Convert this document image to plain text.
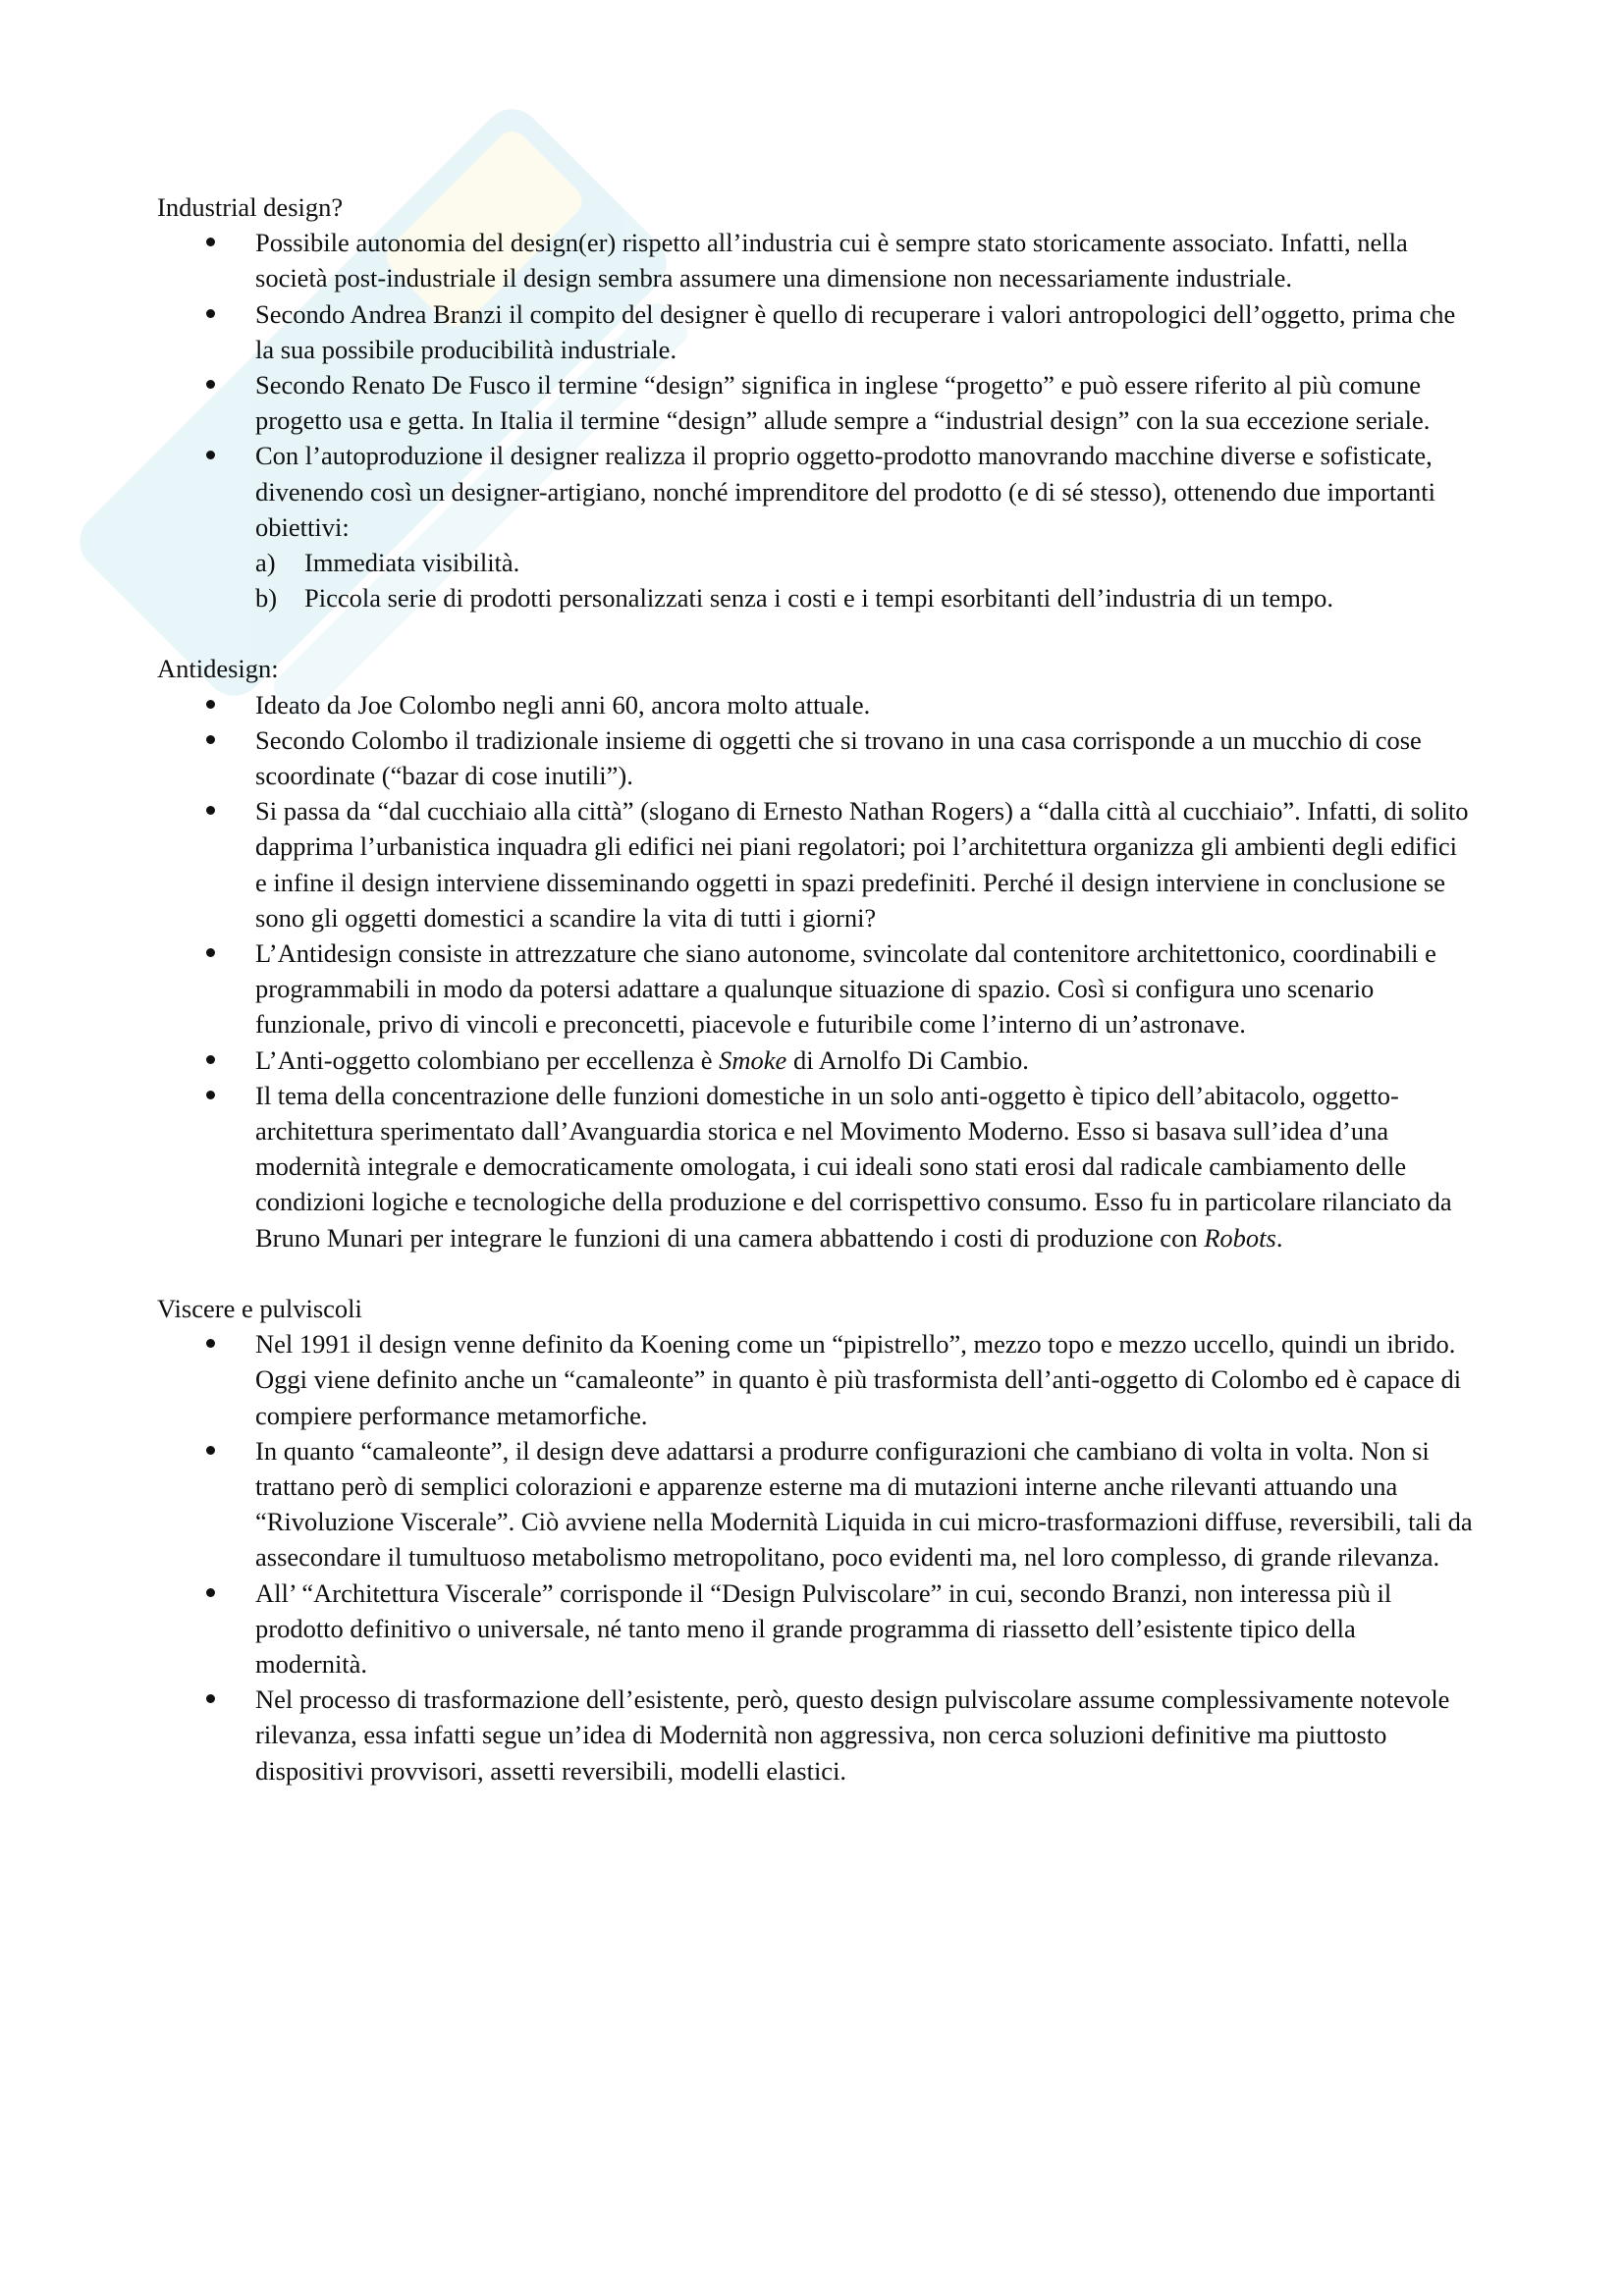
Industrial design?

Possibile autonomia del design(er) rispetto all’industria cui è sempre stato storicamente associato. Infatti, nella società post-industriale il design sembra assumere una dimensione non necessariamente industriale.
Secondo Andrea Branzi il compito del designer è quello di recuperare i valori antropologici dell’oggetto, prima che la sua possibile producibilità industriale.
Secondo Renato De Fusco il termine “design” significa in inglese “progetto” e può essere riferito al più comune progetto usa e getta. In Italia il termine “design” allude sempre a “industrial design” con la sua eccezione seriale.
Con l’autoproduzione il designer realizza il proprio oggetto-prodotto manovrando macchine diverse e sofisticate, divenendo così un designer-artigiano, nonché imprenditore del prodotto (e di sé stesso), ottenendo due importanti obiettivi:
a) Immediata visibilità.
b) Piccola serie di prodotti personalizzati senza i costi e i tempi esorbitanti dell’industria di un tempo.

Antidesign:

Ideato da Joe Colombo negli anni 60, ancora molto attuale.
Secondo Colombo il tradizionale insieme di oggetti che si trovano in una casa corrisponde a un mucchio di cose scoordinate (“bazar di cose inutili”).
Si passa da “dal cucchiaio alla città” (slogano di Ernesto Nathan Rogers) a “dalla città al cucchiaio”. Infatti, di solito dapprima l’urbanistica inquadra gli edifici nei piani regolatori; poi l’architettura organizza gli ambienti degli edifici e infine il design interviene disseminando oggetti in spazi predefiniti. Perché il design interviene in conclusione se sono gli oggetti domestici a scandire la vita di tutti i giorni?
L’Antidesign consiste in attrezzature che siano autonome, svincolate dal contenitore architettonico, coordinabili e programmabili in modo da potersi adattare a qualunque situazione di spazio. Così si configura uno scenario funzionale, privo di vincoli e preconcetti, piacevole e futuribile come l’interno di un’astronave.
L’Anti-oggetto colombiano per eccellenza è Smoke di Arnolfo Di Cambio.
Il tema della concentrazione delle funzioni domestiche in un solo anti-oggetto è tipico dell’abitacolo, oggetto-architettura sperimentato dall’Avanguardia storica e nel Movimento Moderno. Esso si basava sull’idea d’una modernità integrale e democraticamente omologata, i cui ideali sono stati erosi dal radicale cambiamento delle condizioni logiche e tecnologiche della produzione e del corrispettivo consumo. Esso fu in particolare rilanciato da Bruno Munari per integrare le funzioni di una camera abbattendo i costi di produzione con Robots.

Viscere e pulviscoli

Nel 1991 il design venne definito da Koening come un “pipistrello”, mezzo topo e mezzo uccello, quindi un ibrido. Oggi viene definito anche un “camaleonte” in quanto è più trasformista dell’anti-oggetto di Colombo ed è capace di compiere performance metamorfiche.
In quanto “camaleonte”, il design deve adattarsi a produrre configurazioni che cambiano di volta in volta. Non si trattano però di semplici colorazioni e apparenze esterne ma di mutazioni interne anche rilevanti attuando una “Rivoluzione Viscerale”. Ciò avviene nella Modernità Liquida in cui micro-trasformazioni diffuse, reversibili, tali da assecondare il tumultuoso metabolismo metropolitano, poco evidenti ma, nel loro complesso, di grande rilevanza.
All’ “Architettura Viscerale” corrisponde il “Design Pulviscolare” in cui, secondo Branzi, non interessa più il prodotto definitivo o universale, né tanto meno il grande programma di riassetto dell’esistente tipico della modernità.
Nel processo di trasformazione dell’esistente, però, questo design pulviscolare assume complessivamente notevole rilevanza, essa infatti segue un’idea di Modernità non aggressiva, non cerca soluzioni definitive ma piuttosto dispositivi provvisori, assetti reversibili, modelli elastici.
